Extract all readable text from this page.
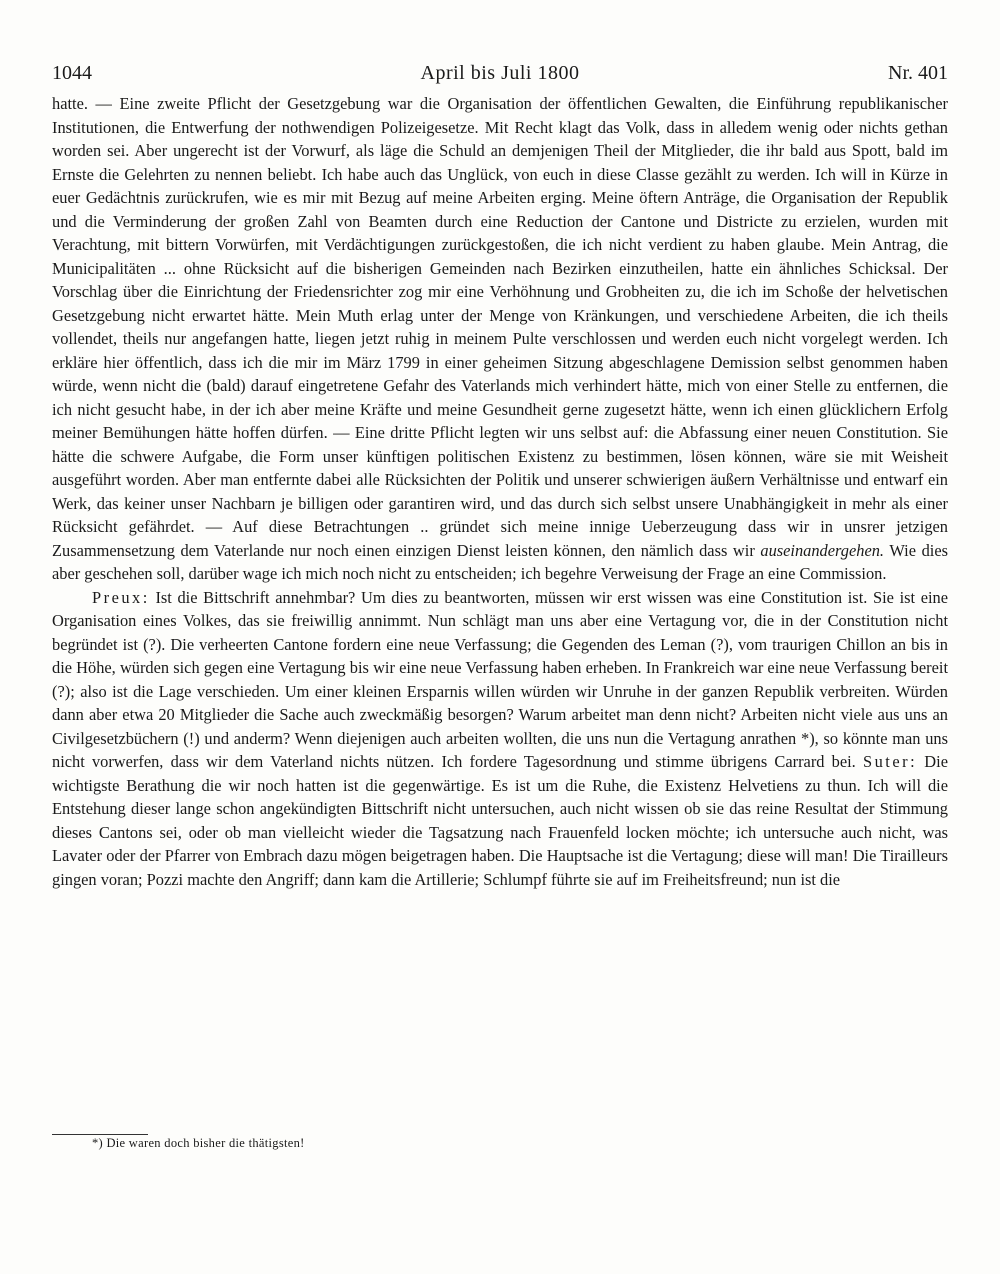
1044	April bis Juli 1800	Nr. 401

hatte. — Eine zweite Pflicht der Gesetzgebung war die Organisation der öffentlichen Gewalten, die Einführung republikanischer Institutionen, die Entwerfung der nothwendigen Polizeigesetze. Mit Recht klagt das Volk, dass in alledem wenig oder nichts gethan worden sei. Aber ungerecht ist der Vorwurf, als läge die Schuld an demjenigen Theil der Mitglieder, die ihr bald aus Spott, bald im Ernste die Gelehrten zu nennen beliebt. Ich habe auch das Unglück, von euch in diese Classe gezählt zu werden. Ich will in Kürze in euer Gedächtnis zurückrufen, wie es mir mit Bezug auf meine Arbeiten erging. Meine öftern Anträge, die Organisation der Republik und die Verminderung der großen Zahl von Beamten durch eine Reduction der Cantone und Districte zu erzielen, wurden mit Verachtung, mit bittern Vorwürfen, mit Verdächtigungen zurückgestoßen, die ich nicht verdient zu haben glaube. Mein Antrag, die Municipalitäten ... ohne Rücksicht auf die bisherigen Gemeinden nach Bezirken einzutheilen, hatte ein ähnliches Schicksal. Der Vorschlag über die Einrichtung der Friedensrichter zog mir eine Verhöhnung und Grobheiten zu, die ich im Schoße der helvetischen Gesetzgebung nicht erwartet hätte. Mein Muth erlag unter der Menge von Kränkungen, und verschiedene Arbeiten, die ich theils vollendet, theils nur angefangen hatte, liegen jetzt ruhig in meinem Pulte verschlossen und werden euch nicht vorgelegt werden. Ich erkläre hier öffentlich, dass ich die mir im März 1799 in einer geheimen Sitzung abgeschlagene Demission selbst genommen haben würde, wenn nicht die (bald) darauf eingetretene Gefahr des Vaterlands mich verhindert hätte, mich von einer Stelle zu entfernen, die ich nicht gesucht habe, in der ich aber meine Kräfte und meine Gesundheit gerne zugesetzt hätte, wenn ich einen glücklichern Erfolg meiner Bemühungen hätte hoffen dürfen. — Eine dritte Pflicht legten wir uns selbst auf: die Abfassung einer neuen Constitution. Sie hätte die schwere Aufgabe, die Form unser künftigen politischen Existenz zu bestimmen, lösen können, wäre sie mit Weisheit ausgeführt worden. Aber man entfernte dabei alle Rücksichten der Politik und unserer schwierigen äußern Verhältnisse und entwarf ein Werk, das keiner unser Nachbarn je billigen oder garantiren wird, und das durch sich selbst unsere Unabhängigkeit in mehr als einer Rücksicht gefährdet. — Auf diese Betrachtungen .. gründet sich meine innige Ueberzeugung dass wir in unsrer jetzigen Zusammensetzung dem Vaterlande nur noch einen einzigen Dienst leisten können, den nämlich dass wir auseinandergehen. Wie dies aber geschehen soll, darüber wage ich mich noch nicht zu entscheiden; ich begehre Verweisung der Frage an eine Commission.

Preux: Ist die Bittschrift annehmbar? Um dies zu beantworten, müssen wir erst wissen was eine Constitution ist. Sie ist eine Organisation eines Volkes, das sie freiwillig annimmt. Nun schlägt man uns aber eine Vertagung vor, die in der Constitution nicht begründet ist (?). Die verheerten Cantone fordern eine neue Verfassung; die Gegenden des Leman (?), vom traurigen Chillon an bis in die Höhe, würden sich gegen eine Vertagung bis wir eine neue Verfassung haben erheben. In Frankreich war eine neue Verfassung bereit (?); also ist die Lage verschieden. Um einer kleinen Ersparnis willen würden wir Unruhe in der ganzen Republik verbreiten. Würden dann aber etwa 20 Mitglieder die Sache auch zweckmäßig besorgen? Warum arbeitet man denn nicht? Arbeiten nicht viele aus uns an Civilgesetzbüchern (!) und anderm? Wenn diejenigen auch arbeiten wollten, die uns nun die Vertagung anrathen *), so könnte man uns nicht vorwerfen, dass wir dem Vaterland nichts nützen. Ich fordere Tagesordnung und stimme übrigens Carrard bei. Suter: Die wichtigste Berathung die wir noch hatten ist die gegenwärtige. Es ist um die Ruhe, die Existenz Helvetiens zu thun. Ich will die Entstehung dieser lange schon angekündigten Bittschrift nicht untersuchen, auch nicht wissen ob sie das reine Resultat der Stimmung dieses Cantons sei, oder ob man vielleicht wieder die Tagsatzung nach Frauenfeld locken möchte; ich untersuche auch nicht, was Lavater oder der Pfarrer von Embrach dazu mögen beigetragen haben. Die Hauptsache ist die Vertagung; diese will man! Die Tirailleurs gingen voran; Pozzi machte den Angriff; dann kam die Artillerie; Schlumpf führte sie auf im Freiheitsfreund; nun ist die

*) Die waren doch bisher die thätigsten!
